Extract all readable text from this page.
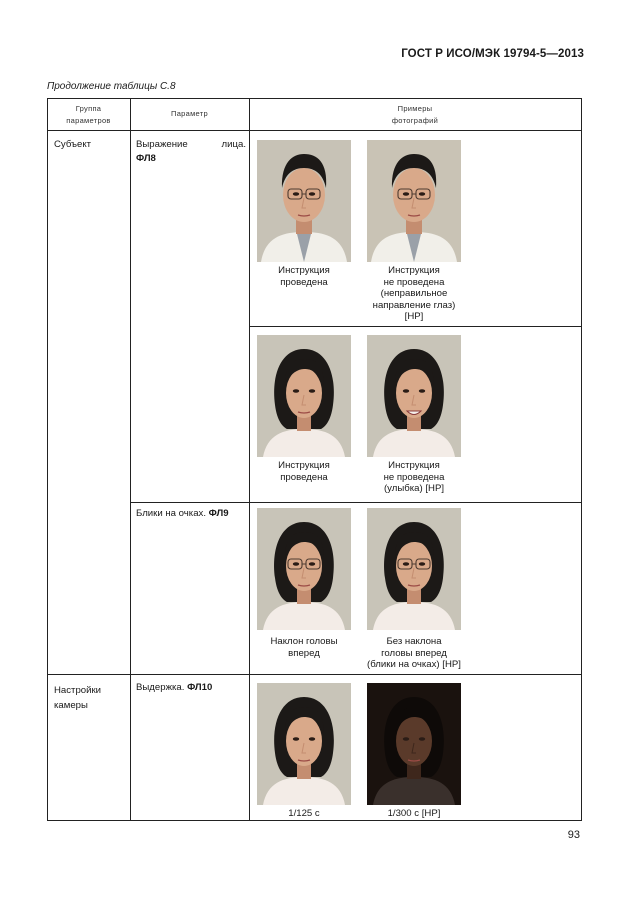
ГОСТ Р ИСО/МЭК 19794-5—2013
Продолжение таблицы С.8
Группа
параметров
Параметр
Примеры
фотографий
Субъект
Настройки
камеры
Выражение	лица.
ФЛ8
Блики на очках. ФЛ9
Выдержка. ФЛ10
Инструкция
проведена
Инструкция
не проведена
(неправильное
направление глаз)
[НР]
Инструкция
проведена
Инструкция
не проведена
(улыбка) [НР]
Наклон головы
вперед
Без наклона
головы вперед
(блики на очках) [НР]
1/125 с	1/300 с [НР]
93
